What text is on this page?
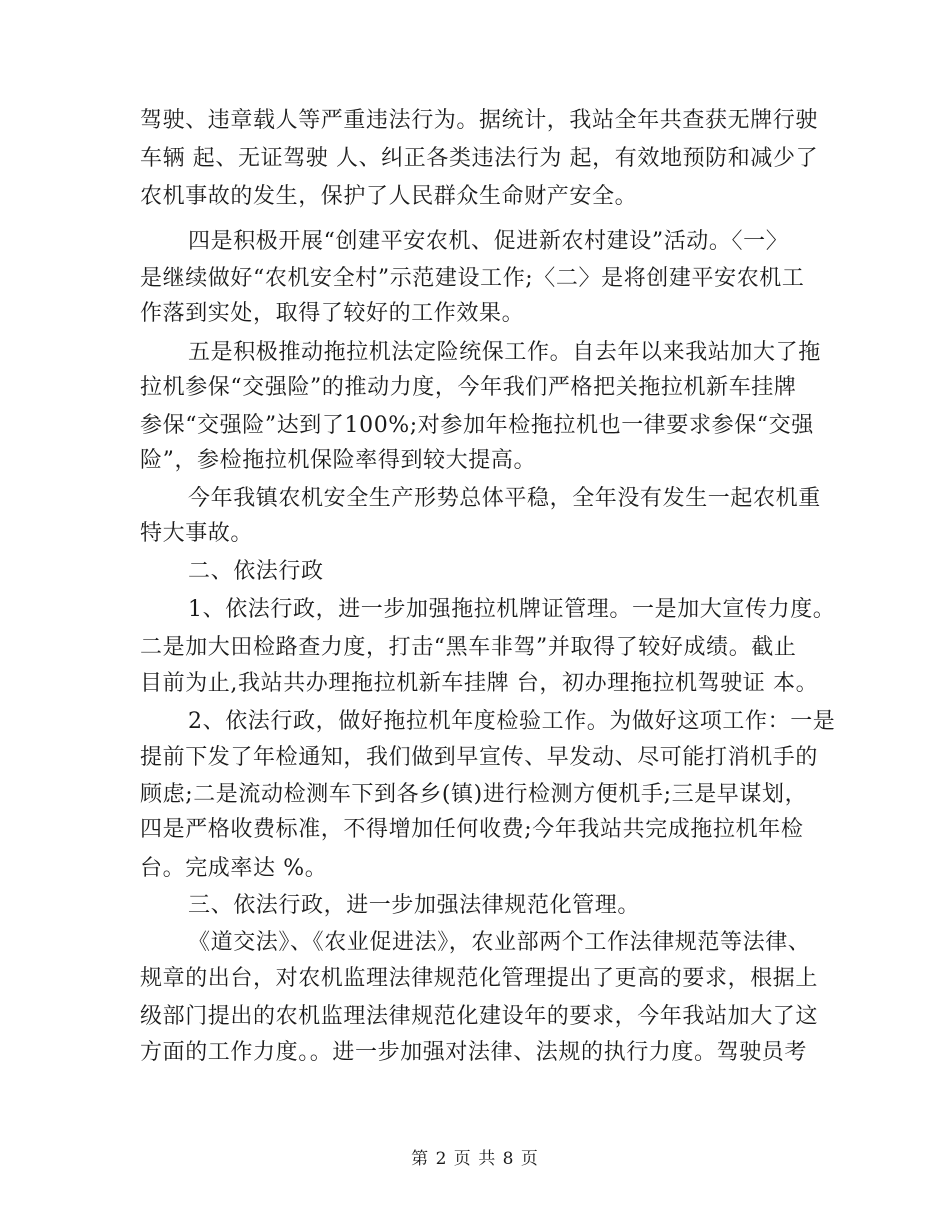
驾驶、违章载人等严重违法行为。据统计，我站全年共查获无牌行驶
车辆 起、无证驾驶 人、纠正各类违法行为 起，有效地预防和减少了
农机事故的发生，保护了人民群众生命财产安全。
四是积极开展“创建平安农机、促进新农村建设”活动。〈一〉
是继续做好“农机安全村”示范建设工作;〈二〉是将创建平安农机工
作落到实处，取得了较好的工作效果。
五是积极推动拖拉机法定险统保工作。自去年以来我站加大了拖
拉机参保“交强险”的推动力度，今年我们严格把关拖拉机新车挂牌
参保“交强险”达到了100%;对参加年检拖拉机也一律要求参保“交强
险”，参检拖拉机保险率得到较大提高。
今年我镇农机安全生产形势总体平稳，全年没有发生一起农机重
特大事故。
二、依法行政
1、依法行政，进一步加强拖拉机牌证管理。一是加大宣传力度。
二是加大田检路查力度，打击“黑车非驾”并取得了较好成绩。截止
目前为止,我站共办理拖拉机新车挂牌 台，初办理拖拉机驾驶证 本。
2、依法行政，做好拖拉机年度检验工作。为做好这项工作：一是
提前下发了年检通知，我们做到早宣传、早发动、尽可能打消机手的
顾虑;二是流动检测车下到各乡(镇)进行检测方便机手;三是早谋划，
四是严格收费标准，不得增加任何收费;今年我站共完成拖拉机年检
台。完成率达 %。
三、依法行政，进一步加强法律规范化管理。
《道交法》、《农业促进法》，农业部两个工作法律规范等法律、
规章的出台，对农机监理法律规范化管理提出了更高的要求，根据上
级部门提出的农机监理法律规范化建设年的要求，今年我站加大了这
方面的工作力度。。进一步加强对法律、法规的执行力度。驾驶员考
第 2 页 共 8 页
